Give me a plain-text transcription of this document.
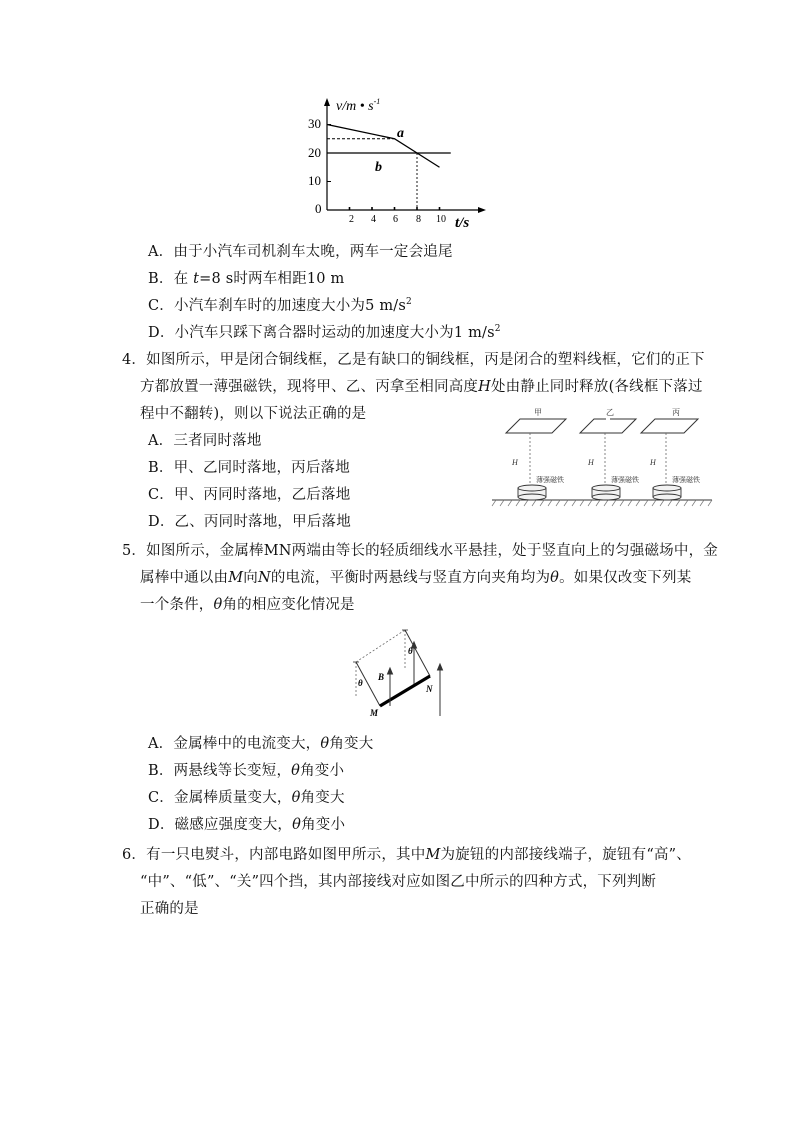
v/m • $s^{-1}$
t/s
30
20
10
0
2 4 6 8 10
a
b
A．由于小汽车司机刹车太晚，两车一定会追尾
B．在 t=8 s时两车相距10 m
C．小汽车刹车时的加速度大小为5 $m/s^2$
D．小汽车只踩下离合器时运动的加速度大小为1 $m/s^2$
4．如图所示，甲是闭合铜线框，乙是有缺口的铜线框，丙是闭合的塑料线框，它们的正下
方都放置一薄强磁铁，现将甲、乙、丙拿至相同高度H处由静止同时释放(各线框下落过
程中不翻转)，则以下说法正确的是
A．三者同时落地
B．甲、乙同时落地，丙后落地
C．甲、丙同时落地，乙后落地
D．乙、丙同时落地，甲后落地
甲
H
薄强磁铁
乙
H
薄强磁铁
丙
H
薄强磁铁
5．如图所示，金属棒MN两端由等长的轻质细线水平悬挂，处于竖直向上的匀强磁场中，金
属棒中通以由M向N的电流，平衡时两悬线与竖直方向夹角均为θ。如果仅改变下列某
一个条件，θ角的相应变化情况是
θ
θ
B
M
N
A．金属棒中的电流变大，θ角变大
B．两悬线等长变短，θ角变小
C．金属棒质量变大，θ角变大
D．磁感应强度变大，θ角变小
6．有一只电熨斗，内部电路如图甲所示，其中M为旋钮的内部接线端子，旋钮有“高”、
“中”、“低”、“关”四个挡，其内部接线对应如图乙中所示的四种方式，下列判断
正确的是
